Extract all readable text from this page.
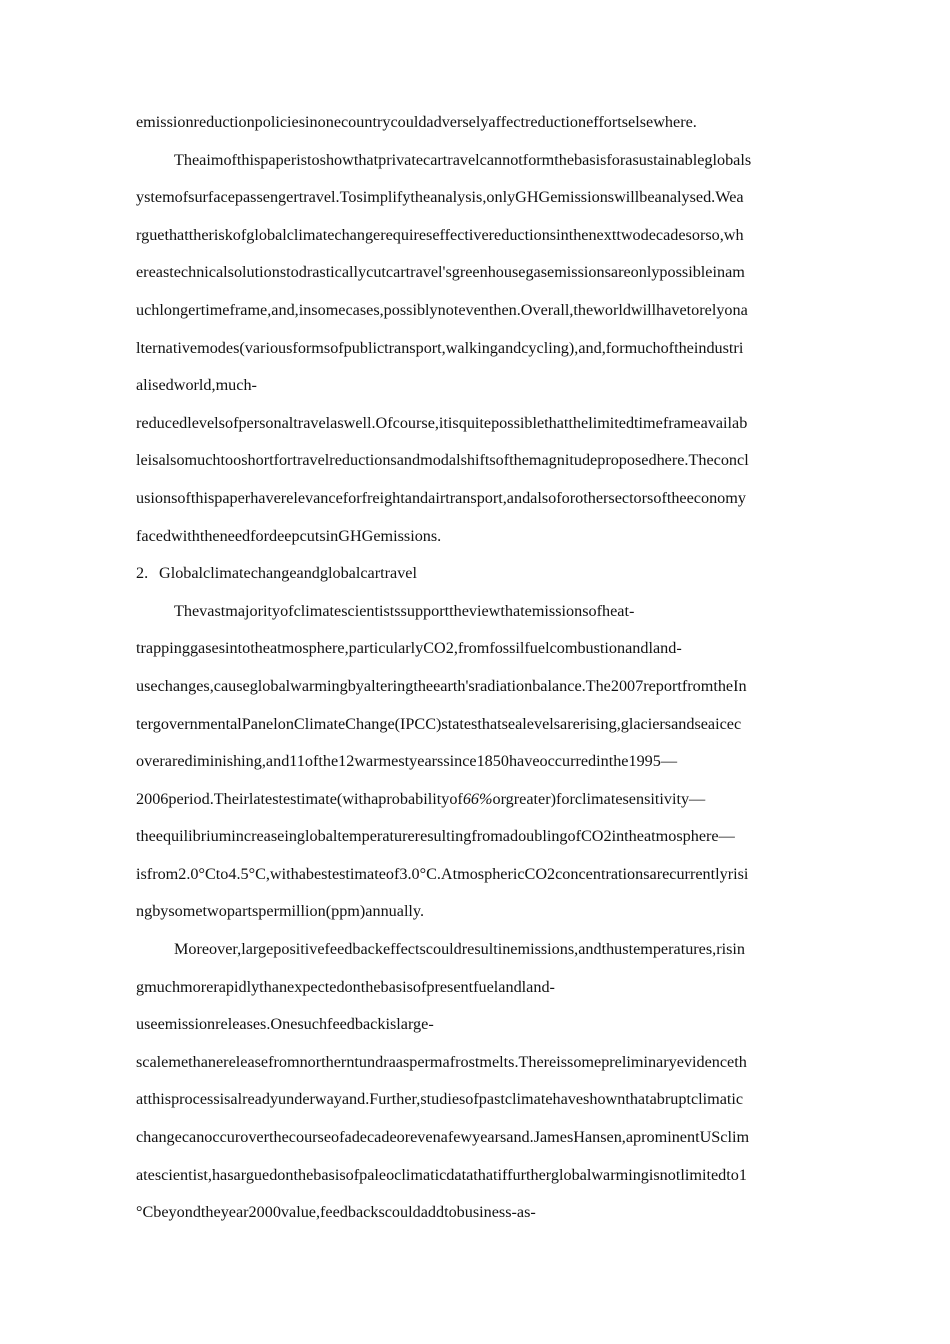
emissionreductionpoliciesinonecountrycouldadverselyaffectreductioneffortselsewhere.
Theaimofthispaperistoshowthatprivatecartravelcannotformthebasisforasustainableglobals
ystemofsurfacepassengertravel.Tosimplifytheanalysis,onlyGHGemissionswillbeanalysed.Wea
rguethattheriskofglobalclimatechangerequireseffectivereductionsinthenexttwodecadesorso,wh
ereastechnicalsolutionstodrasticallycutcartravel'sgreenhousegasemissionsareonlypossibleinam
uchlongertimeframe,and,insomecases,possiblynoteventhen.Overall,theworldwillhavetorelyona
lternativemodes(variousformsofpublictransport,walkingandcycling),and,formuchoftheindustri
alisedworld,much-
reducedlevelsofpersonaltravelaswell.Ofcourse,itisquitepossiblethatthelimitedtimeframeavailab
leisalsomuchtooshortfortravelreductionsandmodalshiftsofthemagnitudeproposedhere.Theconcl
usionsofthispaperhaverelevanceforfreightandairtransport,andalsoforothersectorsoftheeconomy
facedwiththeneedfordeepcutsinGHGemissions.
2. Globalclimatechangeandglobalcartravel
Thevastmajorityofclimatescientistssupporttheviewthatemissionsofheat-
trappinggasesintotheatmosphere,particularlyCO2,fromfossilfuelcombustionandland-
usechanges,causeglobalwarmingbyalteringtheearth'sradiationbalance.The2007reportfromtheIn
tergovernmentalPanelonClimateChange(IPCC)statesthatsealevelsarerising,glaciersandseaicec
overarediminishing,and11ofthe12warmestyearssince1850haveoccurredinthe1995—
2006period.Theirlatestestimate(withaprobabilityof66%orgreater)forclimatesensitivity—
theequilibriumincreaseinglobaltemperatureresultingfromadoublingofCO2intheatmosphere—
isfrom2.0°Cto4.5°C,withabestestimateof3.0°C.AtmosphericCO2concentrationsarecurrentlyrisi
ngbysometwopartspermillion(ppm)annually.
Moreover,largepositivefeedbackeffectscouldresultinemissions,andthustemperatures,risin
gmuchmorerapidlythanexpectedonthebasisofpresentfuelandland-
useemissionreleases.Onesuchfeedbackislarge-
scalemethanereleasefromnortherntundraaspermafrostmelts.Thereissomepreliminaryevidenceth
atthisprocessisalreadyunderwayand.Further,studiesofpastclimatehaveshownthatabruptclimatic
changecanoccuroverthecourseofadecadeorevenafewyearsand.JamesHansen,aprominentUSclim
atescientist,hasarguedonthebasisofpaleoclimaticdatathatiffurtherglobalwarmingisnotlimitedto1
°Cbeyondtheyear2000value,feedbackscouldaddtobusiness-as-
